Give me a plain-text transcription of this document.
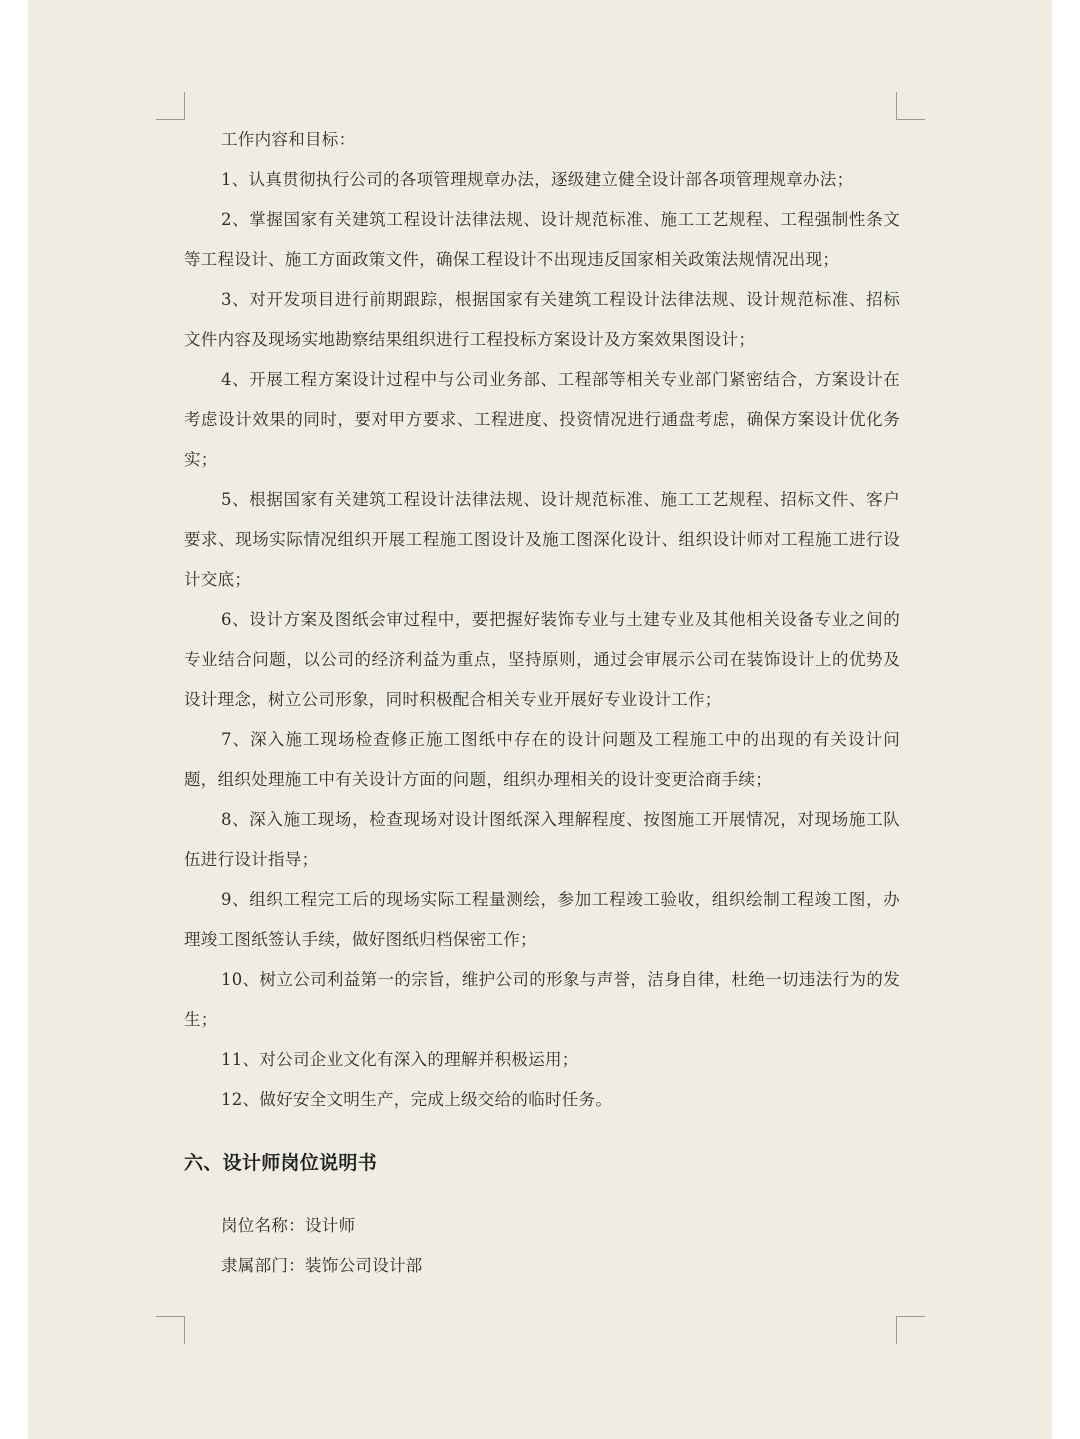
工作内容和目标：

1、认真贯彻执行公司的各项管理规章办法，逐级建立健全设计部各项管理规章办法；

2、掌握国家有关建筑工程设计法律法规、设计规范标准、施工工艺规程、工程强制性条文等工程设计、施工方面政策文件，确保工程设计不出现违反国家相关政策法规情况出现；

3、对开发项目进行前期跟踪，根据国家有关建筑工程设计法律法规、设计规范标准、招标文件内容及现场实地勘察结果组织进行工程投标方案设计及方案效果图设计；

4、开展工程方案设计过程中与公司业务部、工程部等相关专业部门紧密结合，方案设计在考虑设计效果的同时，要对甲方要求、工程进度、投资情况进行通盘考虑，确保方案设计优化务实；

5、根据国家有关建筑工程设计法律法规、设计规范标准、施工工艺规程、招标文件、客户要求、现场实际情况组织开展工程施工图设计及施工图深化设计、组织设计师对工程施工进行设计交底；

6、设计方案及图纸会审过程中，要把握好装饰专业与土建专业及其他相关设备专业之间的专业结合问题，以公司的经济利益为重点，坚持原则，通过会审展示公司在装饰设计上的优势及设计理念，树立公司形象，同时积极配合相关专业开展好专业设计工作；

7、深入施工现场检查修正施工图纸中存在的设计问题及工程施工中的出现的有关设计问题，组织处理施工中有关设计方面的问题，组织办理相关的设计变更洽商手续；

8、深入施工现场，检查现场对设计图纸深入理解程度、按图施工开展情况，对现场施工队伍进行设计指导；

9、组织工程完工后的现场实际工程量测绘，参加工程竣工验收，组织绘制工程竣工图，办理竣工图纸签认手续，做好图纸归档保密工作；

10、树立公司利益第一的宗旨，维护公司的形象与声誉，洁身自律，杜绝一切违法行为的发生；

11、对公司企业文化有深入的理解并积极运用；

12、做好安全文明生产，完成上级交给的临时任务。

六、设计师岗位说明书

岗位名称：设计师

隶属部门：装饰公司设计部
